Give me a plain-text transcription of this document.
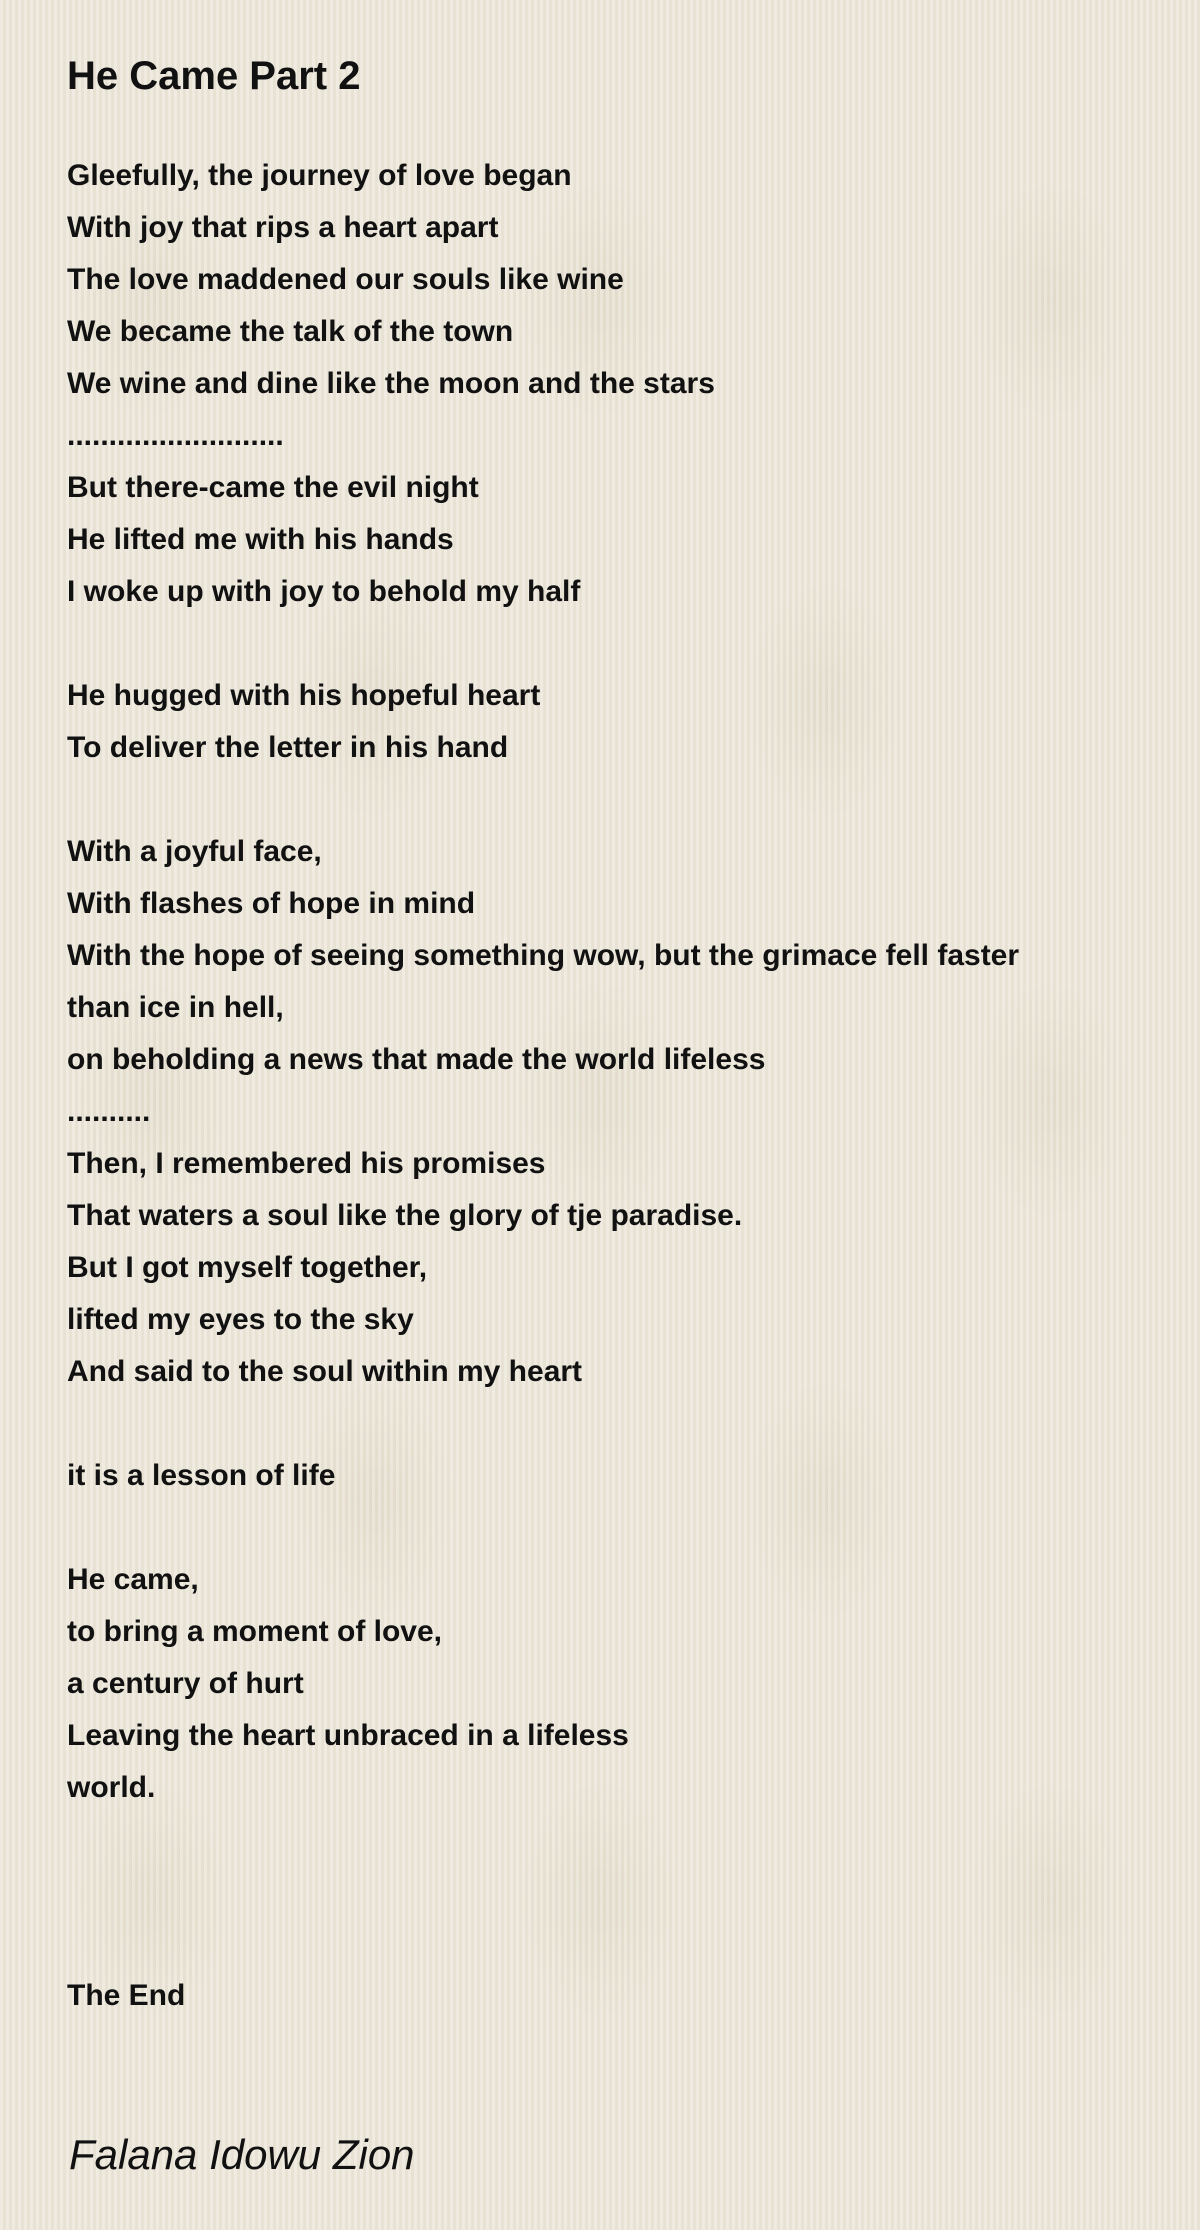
He Came Part 2
Gleefully, the journey of love began
With joy that rips a heart apart
The love maddened our souls like wine
We became the talk of the town
We wine and dine like the moon and the stars
..........................
But there-came the evil night
He lifted me with his hands
I woke up with joy to behold my half
He hugged with his hopeful heart
To deliver the letter in his hand
With a joyful face,
With flashes of hope in mind
With the hope of seeing something wow, but the grimace fell faster
than ice in hell,
on beholding a news that made the world lifeless
..........
Then, I remembered his promises
That waters a soul like the glory of tje paradise.
But I got myself together,
lifted my eyes to the sky
And said to the soul within my heart
it is a lesson of life
He came,
to bring a moment of love,
a century of hurt
Leaving the heart unbraced in a lifeless
world.
The End
Falana Idowu Zion
